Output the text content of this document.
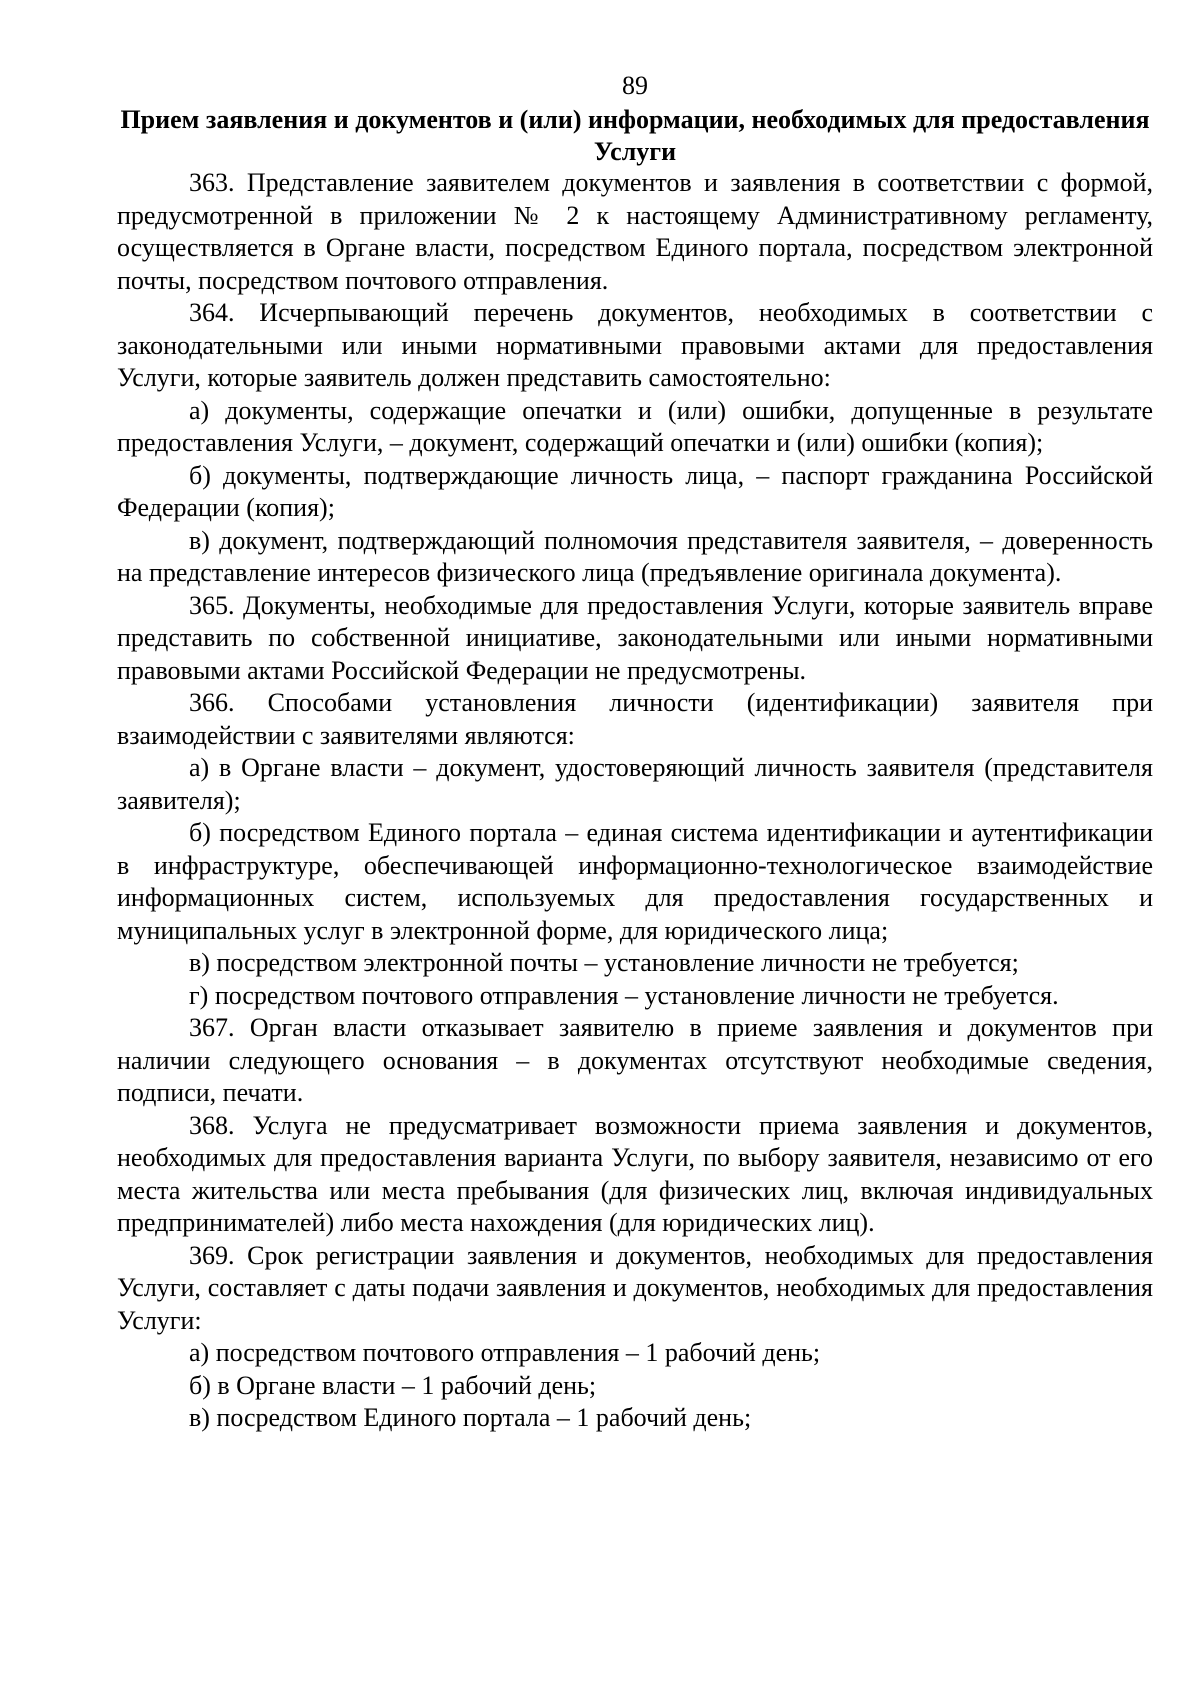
89

Прием заявления и документов и (или) информации, необходимых для предоставления Услуги

363. Представление заявителем документов и заявления в соответствии с формой, предусмотренной в приложении № 2 к настоящему Административному регламенту, осуществляется в Органе власти, посредством Единого портала, посредством электронной почты, посредством почтового отправления.

364. Исчерпывающий перечень документов, необходимых в соответствии с законодательными или иными нормативными правовыми актами для предоставления Услуги, которые заявитель должен представить самостоятельно:

а) документы, содержащие опечатки и (или) ошибки, допущенные в результате предоставления Услуги, – документ, содержащий опечатки и (или) ошибки (копия);

б) документы, подтверждающие личность лица, – паспорт гражданина Российской Федерации (копия);

в) документ, подтверждающий полномочия представителя заявителя, – доверенность на представление интересов физического лица (предъявление оригинала документа).

365. Документы, необходимые для предоставления Услуги, которые заявитель вправе представить по собственной инициативе, законодательными или иными нормативными правовыми актами Российской Федерации не предусмотрены.

366. Способами установления личности (идентификации) заявителя при взаимодействии с заявителями являются:

а) в Органе власти – документ, удостоверяющий личность заявителя (представителя заявителя);

б) посредством Единого портала – единая система идентификации и аутентификации в инфраструктуре, обеспечивающей информационно-технологическое взаимодействие информационных систем, используемых для предоставления государственных и муниципальных услуг в электронной форме, для юридического лица;

в) посредством электронной почты – установление личности не требуется;

г) посредством почтового отправления – установление личности не требуется.

367. Орган власти отказывает заявителю в приеме заявления и документов при наличии следующего основания – в документах отсутствуют необходимые сведения, подписи, печати.

368. Услуга не предусматривает возможности приема заявления и документов, необходимых для предоставления варианта Услуги, по выбору заявителя, независимо от его места жительства или места пребывания (для физических лиц, включая индивидуальных предпринимателей) либо места нахождения (для юридических лиц).

369. Срок регистрации заявления и документов, необходимых для предоставления Услуги, составляет с даты подачи заявления и документов, необходимых для предоставления Услуги:

а) посредством почтового отправления – 1 рабочий день;

б) в Органе власти – 1 рабочий день;

в) посредством Единого портала – 1 рабочий день;
